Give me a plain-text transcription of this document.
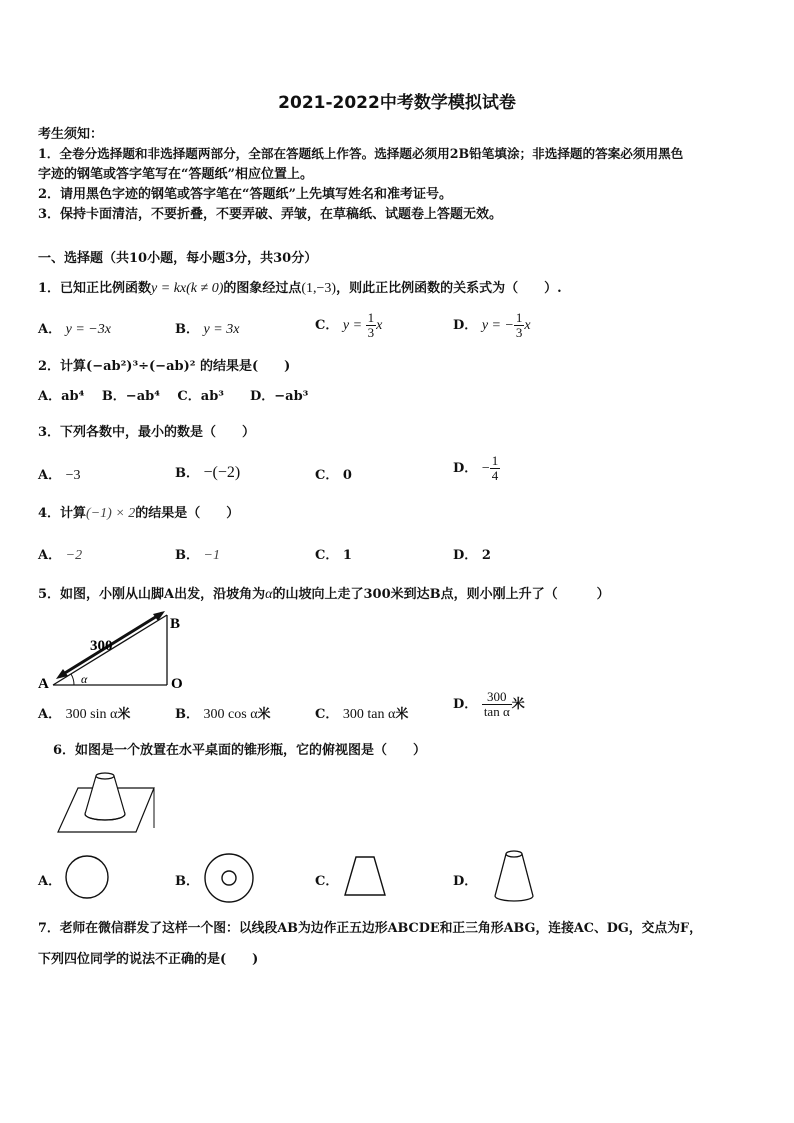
2021-2022中考数学模拟试卷
考生须知：
1．全卷分选择题和非选择题两部分，全部在答题纸上作答。选择题必须用2B铅笔填涂；非选择题的答案必须用黑色
字迹的钢笔或答字笔写在“答题纸”相应位置上。
2．请用黑色字迹的钢笔或答字笔在“答题纸”上先填写姓名和准考证号。
3．保持卡面清洁，不要折叠，不要弄破、弄皱，在草稿纸、试题卷上答题无效。
一、选择题（共10小题，每小题3分，共30分）
1．已知正比例函数y = kx(k ≠ 0)的图象经过点(1,−3)，则此正比例函数的关系式为（　　）.
A． y = −3x	B． y = 3x	C． $y = \frac{1}{3}$ x	D． y = − $\frac{1}{3}$ x
2．计算(−ab²)³÷(−ab)² 的结果是(　　)
A．ab⁴　 B．−ab⁴　 C．ab³　　D．−ab³
3．下列各数中，最小的数是（　　）
A． −3	B． −(−2)	C． 0	D． − $\frac{1}{4}$
4．计算(−1) × 2的结果是（　　）
A． −2	B． −1	C． 1	D． 2
5．如图，小刚从山脚A出发，沿坡角为α的山坡向上走了300米到达B点，则小刚上升了（　　　）
300
α
A
B
O
A． 300 sin α米	B． 300 cos α米	C． 300 tan α米
D． $\frac{300}{\text{tan α}}$ 米
6．如图是一个放置在水平桌面的锥形瓶，它的俯视图是（　　）
A．	B．	C．	D．
7．老师在微信群发了这样一个图：以线段AB为边作正五边形ABCDE和正三角形ABG，连接AC、DG，交点为F，
下列四位同学的说法不正确的是(　　)
